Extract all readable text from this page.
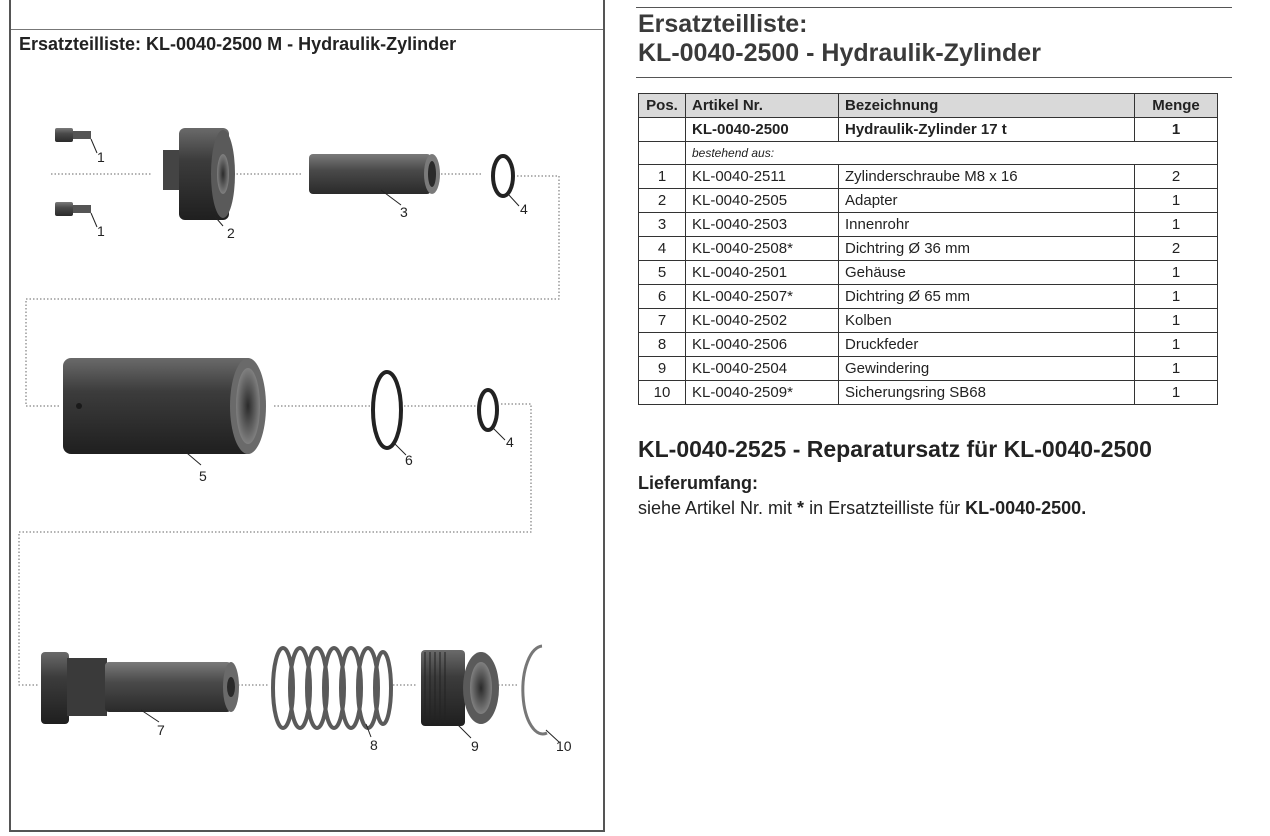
Ersatzteilliste: KL-0040-2500 M - Hydraulik-Zylinder
1
1	2
3	4
5
6
4
7
8	9	10
Ersatzteilliste:
KL-0040-2500 - Hydraulik-Zylinder
Pos.	Artikel Nr.	Bezeichnung	Menge
	KL-0040-2500	Hydraulik-Zylinder 17 t	1
	bestehend aus:		
1	KL-0040-2511	Zylinderschraube M8 x 16	2
2	KL-0040-2505	Adapter	1
3	KL-0040-2503	Innenrohr	1
4	KL-0040-2508*	Dichtring Ø 36 mm	2
5	KL-0040-2501	Gehäuse	1
6	KL-0040-2507*	Dichtring Ø 65 mm	1
7	KL-0040-2502	Kolben	1
8	KL-0040-2506	Druckfeder	1
9	KL-0040-2504	Gewindering	1
10	KL-0040-2509*	Sicherungsring SB68	1
KL-0040-2525 - Reparatursatz für KL-0040-2500
Lieferumfang:
siehe Artikel Nr. mit * in Ersatzteilliste für KL-0040-2500.
